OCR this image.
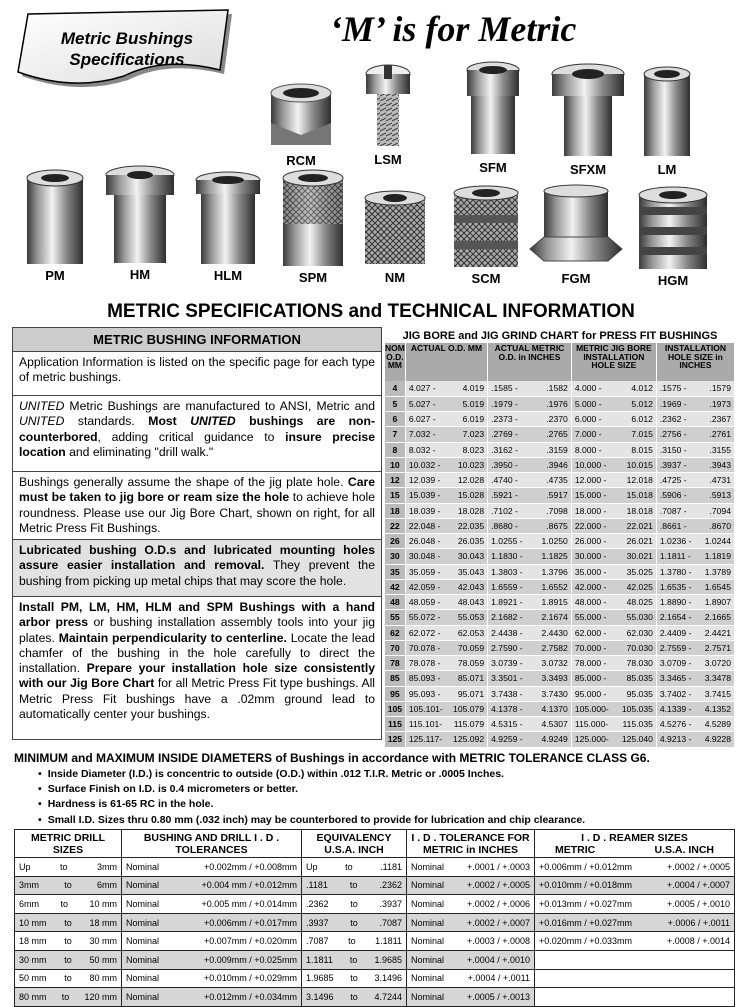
Metric Bushings
Specifications
‘M’ is for Metric
RCM	LSM
SFM	SFXM	LM
PM	HM	HLM	SPM	NM	SCM	FGM	HGM
METRIC SPECIFICATIONS and TECHNICAL INFORMATION
METRIC BUSHING INFORMATION
Application Information is listed on the specific page for each type of metric bushings.
UNITED Metric Bushings are manufactured to ANSI, Metric and UNITED standards. Most UNITED bushings are non-counterbored, adding critical guidance to insure precise location and eliminating "drill walk."
Bushings generally assume the shape of the jig plate hole. Care must be taken to jig bore or ream size the hole to achieve hole roundness. Please use our Jig Bore Chart, shown on right, for all Metric Press Fit Bushings.
Lubricated bushing O.D.s and lubricated mounting holes assure easier installation and removal. They prevent the bushing from picking up metal chips that may score the hole.
Install PM, LM, HM, HLM and SPM Bushings with a hand arbor press or bushing installation assembly tools into your jig plates. Maintain perpendicularity to centerline. Locate the lead chamfer of the bushing in the hole carefully to direct the installation. Prepare your installation hole size consistently with our Jig Bore Chart for all Metric Press Fit type bushings. All Metric Press Fit bushings have a .02mm ground lead to automatically center your bushings.
JIG BORE and JIG GRIND CHART for PRESS FIT BUSHINGS
NOM O.D. MM	ACTUAL O.D. MM	ACTUAL METRIC O.D. in INCHES	METRIC JIG BORE INSTALLATION HOLE SIZE	INSTALLATION HOLE SIZE in INCHES
4	4.027 - 4.019	.1585 - .1582	4.000 - 4.012	.1575 - .1579

5	5.027 - 5.019	.1979 - .1976	5.000 - 5.012	.1969 - .1973

6	6.027 - 6.019	.2373 - .2370	6.000 - 6.012	.2362 - .2367

7	7.032 - 7.023	.2769 - .2765	7.000 - 7.015	.2756 - .2761

8	8.032 - 8.023	.3162 - .3159	8.000 - 8.015	.3150 - .3155

10	10.032 - 10.023	.3950 - .3946	10.000 - 10.015	.3937 - .3943

12	12.039 - 12.028	.4740 - .4735	12.000 - 12.018	.4725 - .4731

15	15.039 - 15.028	.5921 - .5917	15.000 - 15.018	.5906 - .5913

18	18.039 - 18.028	.7102 - .7098	18.000 - 18.018	.7087 - .7094

22	22.048 - 22.035	.8680 - .8675	22.000 - 22.021	.8661 - .8670

26	26.048 - 26.035	1.0255 - 1.0250	26.000 - 26.021	1.0236 - 1.0244

30	30.048 - 30.043	1.1830 - 1.1825	30.000 - 30.021	1.1811 - 1.1819

35	35.059 - 35.043	1.3803 - 1.3796	35.000 - 35.025	1.3780 - 1.3789

42	42.059 - 42.043	1.6559 - 1.6552	42.000 - 42.025	1.6535 - 1.6545

48	48.059 - 48.043	1.8921 - 1.8915	48.000 - 48.025	1.8890 - 1.8907

55	55.072 - 55.053	2.1682 - 2.1674	55.000 - 55.030	2.1654 - 2.1665

62	62.072 - 62.053	2.4438 - 2.4430	62.000 - 62.030	2.4409 - 2.4421

70	70.078 - 70.059	2.7590 - 2.7582	70.000 - 70.030	2.7559 - 2.7571

78	78.078 - 78.059	3.0739 - 3.0732	78.000 - 78.030	3.0709 - 3.0720

85	85.093 - 85.071	3.3501 - 3.3493	85.000 - 85.035	3.3465 - 3.3478

95	95.093 - 95.071	3.7438 - 3.7430	95.000 - 95.035	3.7402 - 3.7415

105	105.101- 105.079	4.1378 - 4.1370	105.000- 105.035	4.1339 - 4.1352

115	115.101- 115.079	4.5315 - 4.5307	115.000- 115.035	4.5276 - 4.5289

125	125.117- 125.092	4.9259 - 4.9249	125.000- 125.040	4.9213 - 4.9228
MINIMUM and MAXIMUM INSIDE DIAMETERS of Bushings in accordance with METRIC TOLERANCE CLASS G6.
• Inside Diameter (I.D.) is concentric to outside (O.D.) within .012 T.I.R. Metric or .0005 Inches.
• Surface Finish on I.D. is 0.4 micrometers or better.
• Hardness is 61-65 RC in the hole.
• Small I.D. Sizes thru 0.80 mm (.032 inch) may be counterbored to provide for lubrication and chip clearance.
METRIC DRILL SIZES	BUSHING AND DRILL I . D . TOLERANCES	EQUIVALENCY U.S.A. INCH	I . D . TOLERANCE FOR METRIC in INCHES	I . D . REAMER SIZES
METRIC U.S.A. INCH

Up to 3mm	Nominal +0.002mm / +0.008mm	Up to .1181	Nominal +.0001 / +.0003	+0.006mm / +0.012mm +.0002 / +.0005

3mm to 6mm	Nominal +0.004 mm / +0.012mm	.1181 to .2362	Nominal +.0002 / +.0005	+0.010mm / +0.018mm +.0004 / +.0007

6mm to 10 mm	Nominal +0.005 mm / +0.014mm	.2362 to .3937	Nominal +.0002 / +.0006	+0.013mm / +0.027mm +.0005 / +.0010

10 mm to 18 mm	Nominal +0.006mm / +0.017mm	.3937 to .7087	Nominal +.0002 / +.0007	+0.016mm / +0.027mm +.0006 / +.0011

18 mm to 30 mm	Nominal +0.007mm / +0.020mm	.7087 to 1.1811	Nominal +.0003 / +.0008	+0.020mm / +0.033mm +.0008 / +.0014

30 mm to 50 mm	Nominal +0.009mm / +0.025mm	1.1811 to 1.9685	Nominal +.0004 / +.0010	

50 mm to 80 mm	Nominal +0.010mm / +0.029mm	1.9685 to 3.1496	Nominal +.0004 / +.0011	

80 mm to 120 mm	Nominal +0.012mm / +0.034mm	3.1496 to 4.7244	Nominal +.0005 / +.0013	
